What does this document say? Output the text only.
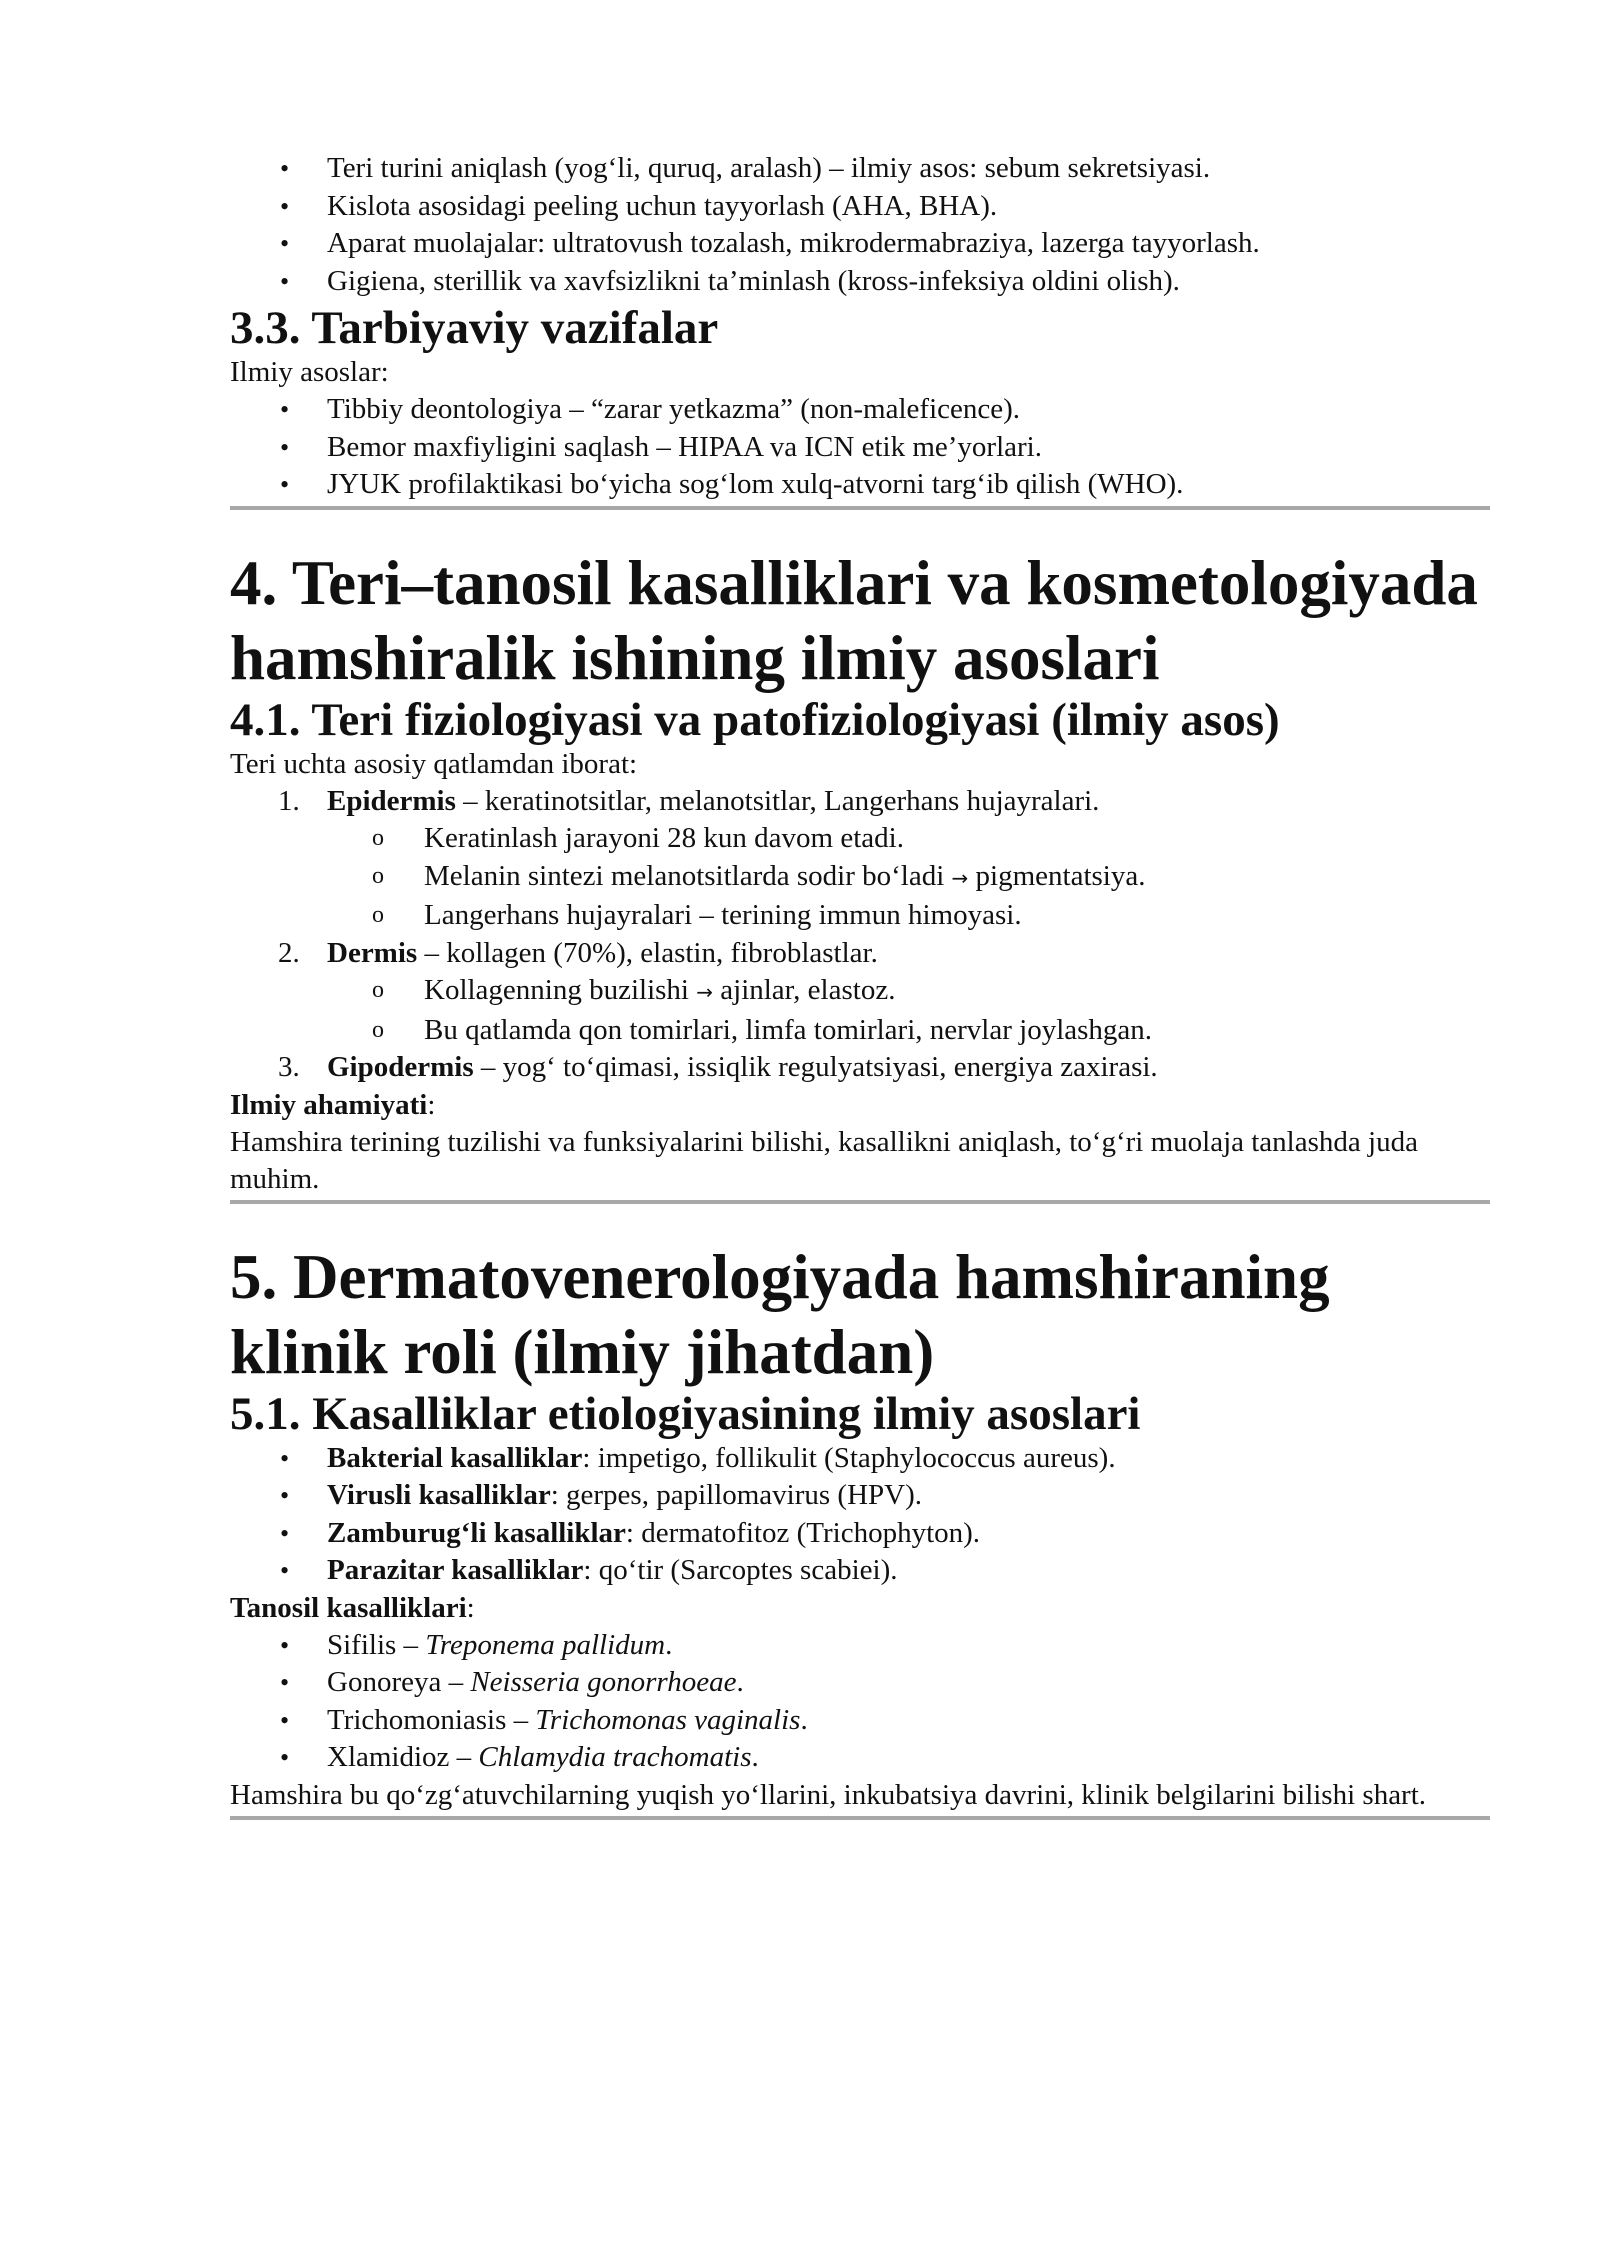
• Teri turini aniqlash (yog‘li, quruq, aralash) – ilmiy asos: sebum sekretsiyasi.
• Kislota asosidagi peeling uchun tayyorlash (AHA, BHA).
• Aparat muolajalar: ultratovush tozalash, mikrodermabraziya, lazerga tayyorlash.
• Gigiena, sterillik va xavfsizlikni ta’minlash (kross-infeksiya oldini olish).
3.3. Tarbiyaviy vazifalar

Ilmiy asoslar:

• Tibbiy deontologiya – “zarar yetkazma” (non-maleficence).
• Bemor maxfiyligini saqlash – HIPAA va ICN etik me’yorlari.
• JYUK profilaktikasi bo‘yicha sog‘lom xulq-atvorni targ‘ib qilish (WHO).
4. Teri–tanosil kasalliklari va kosmetologiyada hamshiralik ishining ilmiy asoslari
4.1. Teri fiziologiyasi va patofiziologiyasi (ilmiy asos)

Teri uchta asosiy qatlamdan iborat:

1. Epidermis – keratinotsitlar, melanotsitlar, Langerhans hujayralari.
o Keratinlash jarayoni 28 kun davom etadi.
o Melanin sintezi melanotsitlarda sodir bo‘ladi → pigmentatsiya.
o Langerhans hujayralari – terining immun himoyasi.
2. Dermis – kollagen (70%), elastin, fibroblastlar.
o Kollagenning buzilishi → ajinlar, elastoz.
o Bu qatlamda qon tomirlari, limfa tomirlari, nervlar joylashgan.
3. Gipodermis – yog‘ to‘qimasi, issiqlik regulyatsiyasi, energiya zaxirasi.

Ilmiy ahamiyati:

Hamshira terining tuzilishi va funksiyalarini bilishi, kasallikni aniqlash, to‘g‘ri muolaja tanlashda juda muhim.

5. Dermatovenerologiyada hamshiraning klinik roli (ilmiy jihatdan)
5.1. Kasalliklar etiologiyasining ilmiy asoslari
• Bakterial kasalliklar: impetigo, follikulit (Staphylococcus aureus).
• Virusli kasalliklar: gerpes, papillomavirus (HPV).
• Zamburug‘li kasalliklar: dermatofitoz (Trichophyton).
• Parazitar kasalliklar: qo‘tir (Sarcoptes scabiei).

Tanosil kasalliklari:

• Sifilis – Treponema pallidum.
• Gonoreya – Neisseria gonorrhoeae.
• Trichomoniasis – Trichomonas vaginalis.
• Xlamidioz – Chlamydia trachomatis.

Hamshira bu qo‘zg‘atuvchilarning yuqish yo‘llarini, inkubatsiya davrini, klinik belgilarini bilishi shart.
